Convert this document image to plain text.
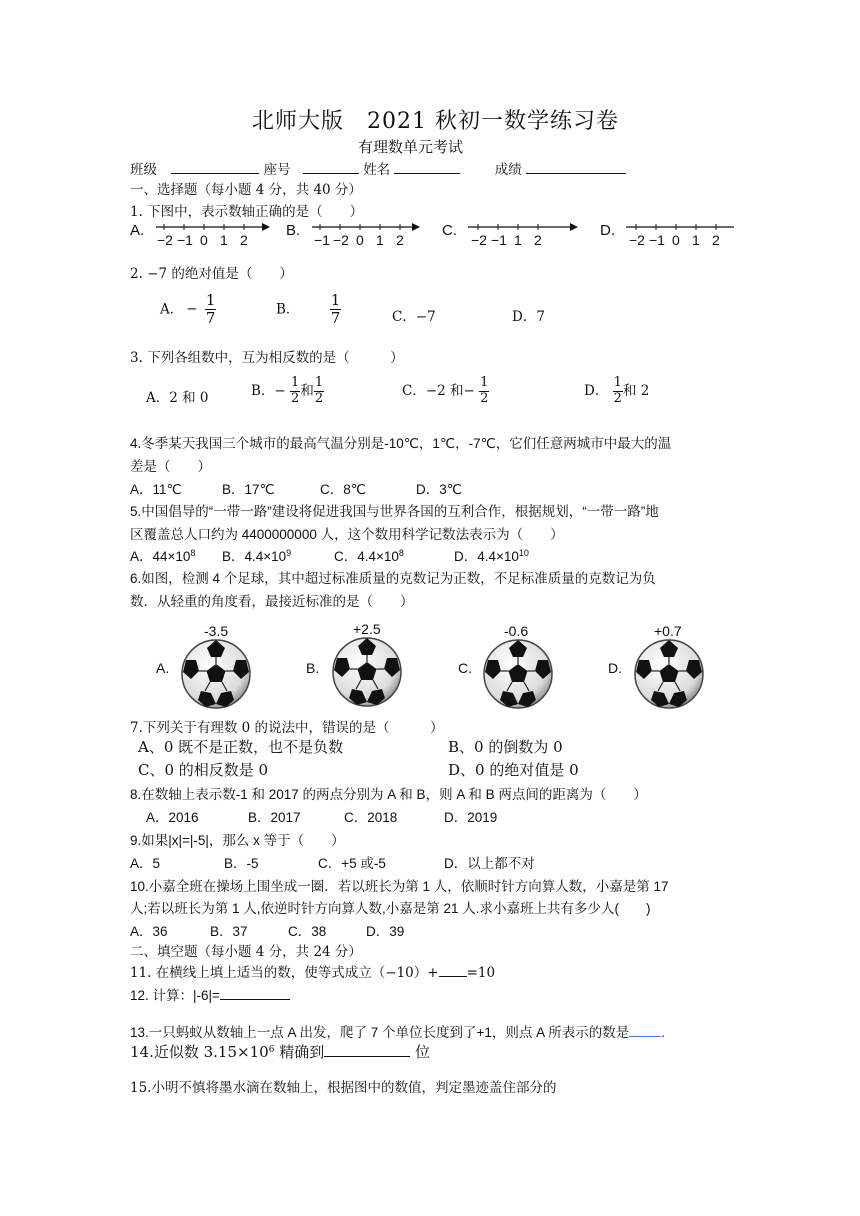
北师大版　2021 秋初一数学练习卷
有理数单元考试
班级	座号	姓名	成绩
一、选择题（每小题 4 分，共 40 分）
1. 下图中，表示数轴正确的是（　　）
A.
−2 −1 0 1 2
B.
−1 −2 0 1 2
C.
−2 −1 1 2
D.
−2 −1 0 1 2
2. −7 的绝对值是（　　）
A． − $\frac{1}{7}$	B． $\frac{1}{7}$	C．−7	D．7
3. 下列各组数中，互为相反数的是（　　　）
A．2 和 0	B．− $\frac{1}{2}$ 和 $\frac{1}{2}$	C．−2 和− $\frac{1}{2}$	D． $\frac{1}{2}$ 和 2
4.冬季某天我国三个城市的最高气温分别是-10℃，1℃，-7℃，它们任意两城市中最大的温
差是（　　）
A．11℃	B．17℃	C．8℃	D．3℃
5.中国倡导的“一带一路”建设将促进我国与世界各国的互利合作，根据规划，“一带一路”地
区覆盖总人口约为 4400000000 人，这个数用科学记数法表示为（　　）
A．$44\times 10^8$ B．$4.4\times 10^9$	C．$4.4\times 10^8$	D．$4.4\times 10^{10}$
6.如图，检测 4 个足球，其中超过标准质量的克数记为正数，不足标准质量的克数记为负
数．从轻重的角度看，最接近标准的是（　　）
A.
-3.5
B.
+2.5
C.
-0.6
D.
+0.7
7.下列关于有理数 0 的说法中，错误的是（　　　）
A、0 既不是正数，也不是负数	B、0 的倒数为 0
C、0 的相反数是 0	D、0 的绝对值是 0
8.在数轴上表示数-1 和 2017 的两点分别为 A 和 B，则 A 和 B 两点间的距离为（　　）
A．2016	B．2017	C．2018	D．2019
9.如果|x|=|-5|，那么 x 等于（　　）
A．5	B．-5	C．+5 或-5	D．以上都不对
10.小嘉全班在操场上围坐成一圈．若以班长为第 1 人，依顺时针方向算人数，小嘉是第 17
人;若以班长为第 1 人,依逆时针方向算人数,小嘉是第 21 人.求小嘉班上共有多少人(　　)
A．36	B．37	C．38	D．39
二、填空题（每小题 4 分，共 24 分）
11. 在横线上填上适当的数，使等式成立（−10）+ =10
12. 计算：|-6|=
13.一只蚂蚁从数轴上一点 A 出发，爬了 7 个单位长度到了+1，则点 A 所表示的数是 .
14.近似数 $3.15\times 10^6$ 精确到	位
15.小明不慎将墨水滴在数轴上，根据图中的数值，判定墨迹盖住部分的
